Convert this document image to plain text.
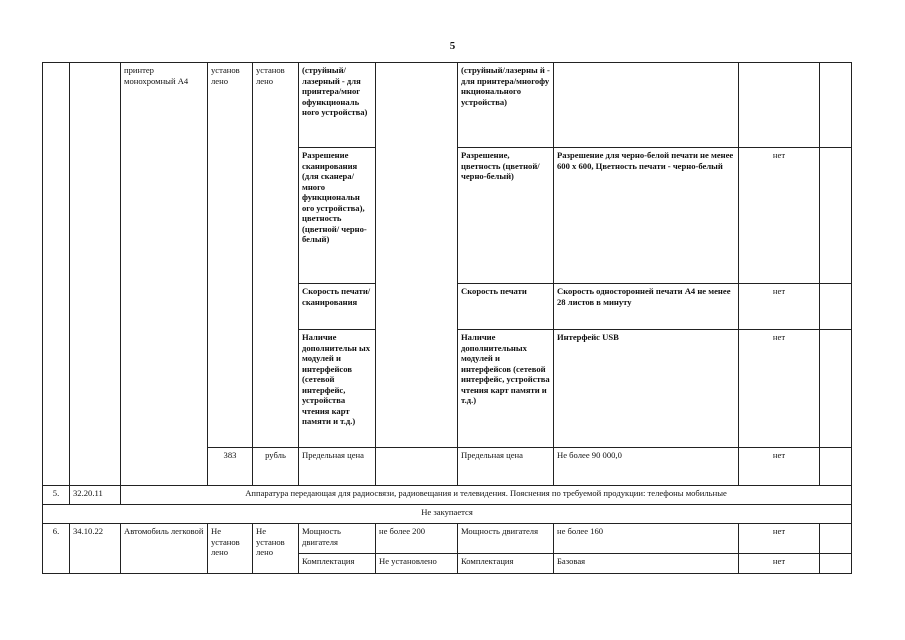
5
		принтер монохромный А4	установ лено	установ лено	(струйный/ лазерный - для принтера/мног офункциональ ного устройства)		(струйный/лазерны й - для принтера/многофу нкционального устройства)			
					Разрешение сканирования (для сканера/много функциональн ого устройства), цветность (цветной/ черно-белый)		Разрешение, цветность (цветной/ черно-белый)	Разрешение для черно-белой печати не менее 600 х 600, Цветность печати - черно-белый	нет	
					Скорость печати/ сканирования		Скорость печати	Скорость односторонней печати А4 не менее 28 листов в минуту	нет	
					Наличие дополнительн ых модулей и интерфейсов (сетевой интерфейс, устройства чтения карт памяти и т.д.)		Наличие дополнительных модулей и интерфейсов (сетевой интерфейс, устройства чтения карт памяти и т.д.)	Интерфейс USB	нет	
			383	рубль	Предельная цена		Предельная цена	Не более 90 000,0	нет	
5.	32.20.11	Аппаратура передающая для радиосвязи, радиовещания и телевидения. Пояснения по требуемой продукции: телефоны мобильные								
Не закупается										
6.	34.10.22	Автомобиль легковой	Не установ лено	Не установ лено	Мощность двигателя	не более 200	Мощность двигателя	не более 160	нет	
					Комплектация	Не установлено	Комплектация	Базовая	нет	
